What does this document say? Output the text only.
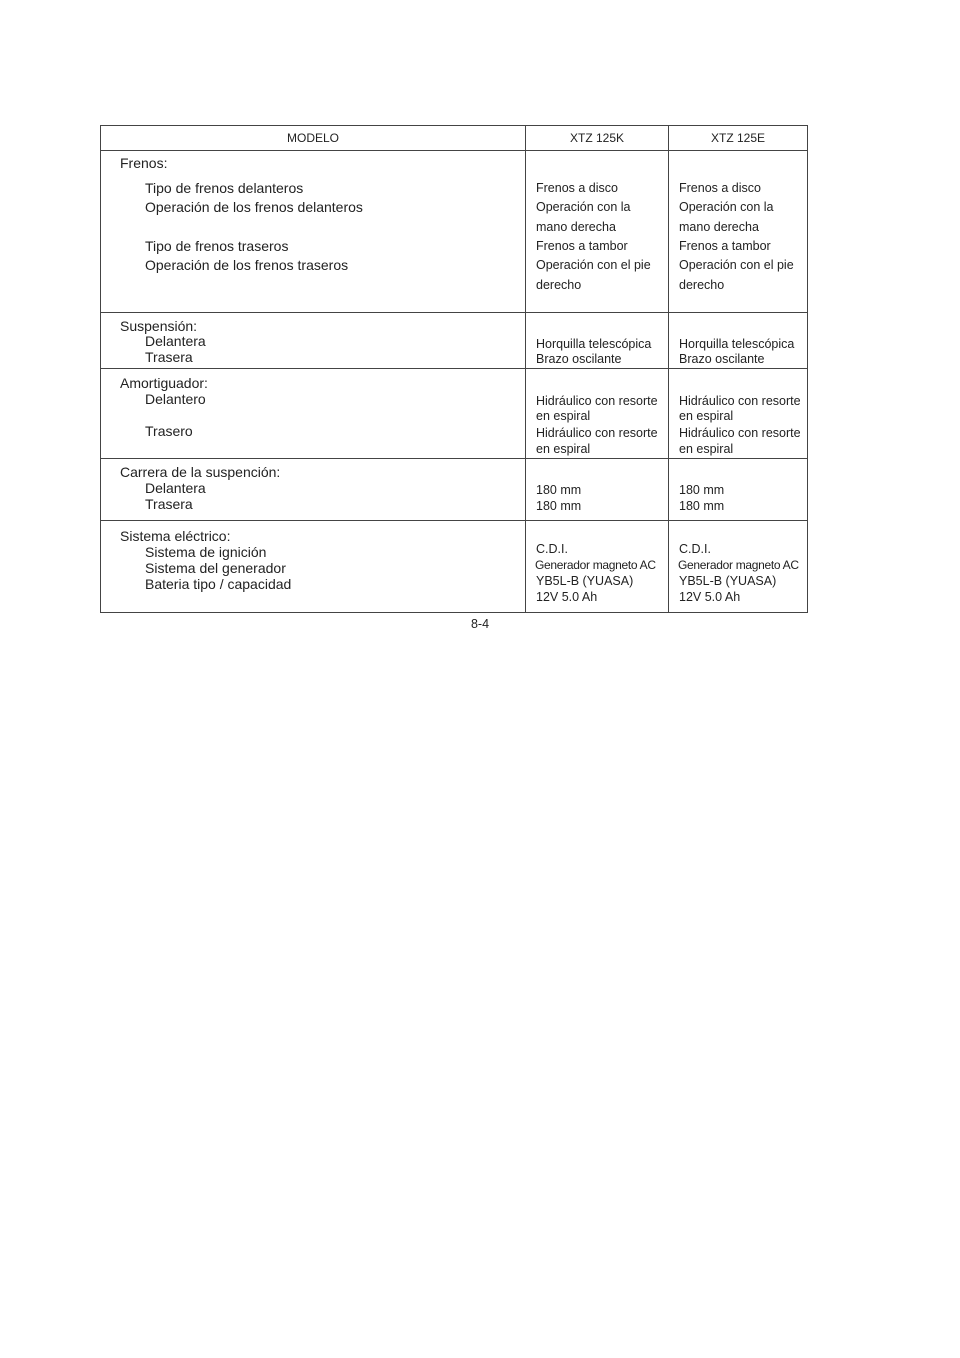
MODELO	XTZ 125K	XTZ 125E
Frenos:
Tipo de frenos delanteros
Operación de los frenos delanteros
Tipo de frenos traseros
Operación de los frenos traseros
Frenos a disco
Operación con la
mano derecha
Frenos a tambor
Operación con el pie
derecho
Frenos a disco
Operación con la
mano derecha
Frenos a tambor
Operación con el pie
derecho
Suspensión:
Delantera
Trasera
Horquilla telescópica
Brazo oscilante
Horquilla telescópica
Brazo oscilante
Amortiguador:
Delantero
Trasero
Hidráulico con resorte
en espiral
Hidráulico con resorte
en espiral
Hidráulico con resorte
en espiral
Hidráulico con resorte
en espiral
Carrera de la suspención:
Delantera
Trasera
180 mm
180 mm
180 mm
180 mm
Sistema eléctrico:
Sistema de ignición
Sistema del generador
Bateria tipo / capacidad
C.D.I.
Generador magneto AC
YB5L-B (YUASA)
12V 5.0 Ah
C.D.I.
Generador magneto AC
YB5L-B (YUASA)
12V 5.0 Ah
8-4
